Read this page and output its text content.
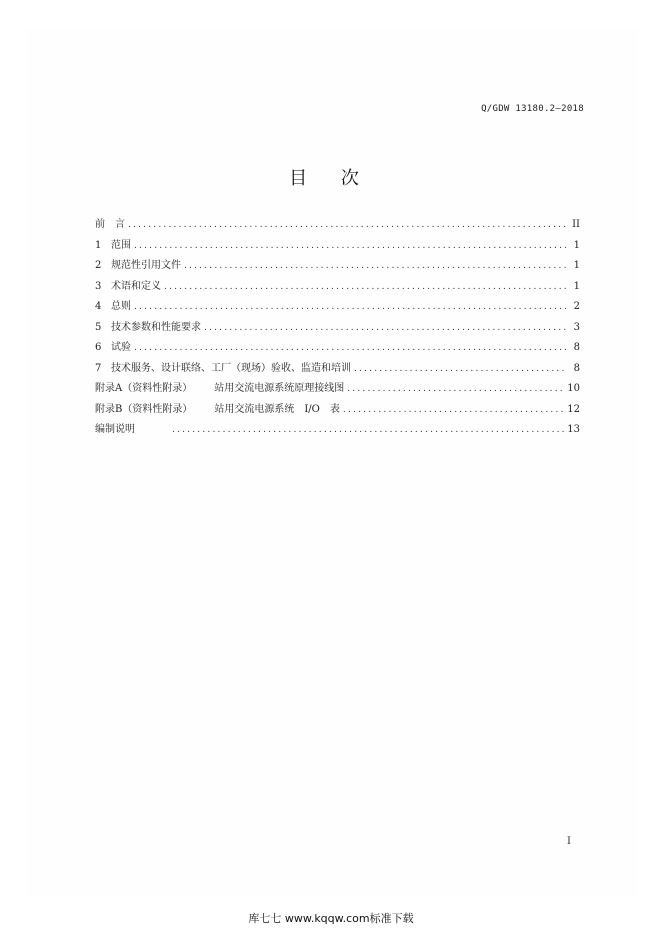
Q/GDW 13180.2—2018
目 次
前　言 .....	II
1 范围 .....	1
2 规范性引用文件 .....	1
3 术语和定义 .....	1
4 总则 .....	2
5 技术参数和性能要求 .....	3
6 试验 .....	8
7 技术服务、设计联络、工厂（现场）验收、监造和培训 .....	8
附录A（资料性附录） 站用交流电源系统原理接线图 .....	10
附录B（资料性附录） 站用交流电源系统　I/O　表 .....	12
编制说明 .....	13
I
库七七 www.kqqw.com标准下载
